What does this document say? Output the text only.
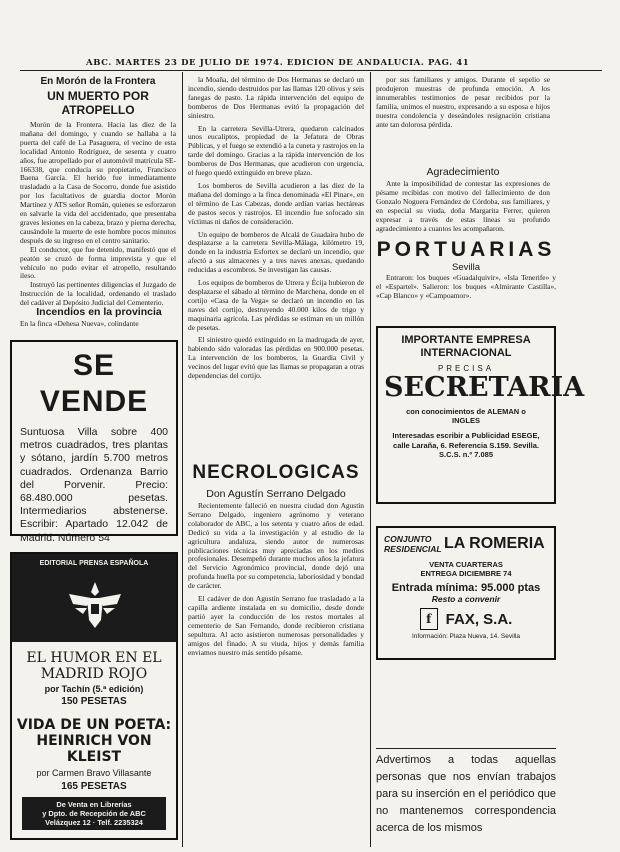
ABC. MARTES 23 DE JULIO DE 1974. EDICION DE ANDALUCIA. PAG. 41
En Morón de la Frontera
UN MUERTO POR ATROPELLO

Morón de la Frontera. Hacia las diez de la mañana del domingo, y cuando se hallaba a la puerta del café de La Pasaguera, el vecino de esta localidad Antonio Rodríguez, de sesenta y cuatro años, fue atropellado por el automóvil matrícula SE-166338, que conducía su propietario, Francisco Baena García. El herido fue inmediatamente trasladado a la Casa de Socorro, donde fue asistido por los facultativos de guardia doctor Morón Martínez y ATS señor Román, quienes se esforzaron en salvarle la vida del accidentado, que presentaba graves lesiones en la cabeza, brazo y pierna derecha, causándole la muerte de este hombre pocos minutos después de su ingreso en el centro sanitario.

El conductor, que fue detenido, manifestó que el peatón se cruzó de forma imprevista y que el vehículo no pudo evitar el atropello, resultando ileso.

Instruyó las pertinentes diligencias el Juzgado de Instrucción de la localidad, ordenando el traslado del cadáver al Depósito Judicial del Cementerio.

Incendios en la provincia
En la finca «Dehesa Nueva», colindante
SE VENDE
Suntuosa Villa sobre 400 metros cuadrados, tres plantas y sótano, jardín 5.700 metros cuadrados. Ordenanza Barrio del Porvenir. Precio: 68.480.000 pesetas. Intermediarios abstenerse. Escribir: Apartado 12.042 de Madrid. Número 54
EDITORIAL PRENSA ESPAÑOLA
EL HUMOR EN EL MADRID ROJO
por Tachín (5.ª edición)
150 PESETAS
VIDA DE UN POETA: HEINRICH VON KLEIST
por Carmen Bravo Villasante
165 PESETAS
De Venta en Librerías
y Dpto. de Recepción de ABC
Velázquez 12 · Telf. 2235324

la Moaña, del término de Dos Hermanas se declaró un incendio, siendo destruidos por las llamas 120 olivos y seis fanegas de pasto. La rápida intervención del equipo de bomberos de Dos Hermanas evitó la propagación del siniestro.

En la carretera Sevilla-Utrera, quedaron calcinados unos eucaliptos, propiedad de la Jefatura de Obras Públicas, y el fuego se extendió a la cuneta y rastrojos en la tarde del domingo. Gracias a la rápida intervención de los bomberos de Dos Hermanas, que acudieron con urgencia, el fuego quedó extinguido en breve plazo.

Los bomberos de Sevilla acudieron a las diez de la mañana del domingo a la finca denominada «El Pinar», en el término de Las Cabezas, donde ardían varias hectáreas de pastos secos y rastrojos. El incendio fue sofocado sin víctimas ni daños de consideración.

Un equipo de bomberos de Alcalá de Guadaíra hubo de desplazarse a la carretera Sevilla-Málaga, kilómetro 19, donde en la industria Esfortex se declaró un incendio, que afectó a sus almacenes y a tres naves anexas, quedando reducidas a escombros. Se investigan las causas.

Los equipos de bomberos de Utrera y Écija hubieron de desplazarse el sábado al término de Marchena, donde en el cortijo «Casa de la Vega» se declaró un incendio en las naves del cortijo, destruyendo 40.000 kilos de trigo y maquinaria agrícola. Las pérdidas se estiman en un millón de pesetas.

El siniestro quedó extinguido en la madrugada de ayer, habiendo sido valoradas las pérdidas en 900.000 pesetas. La intervención de los bomberos, la Guardia Civil y vecinos del lugar evitó que las llamas se propagaran a otras dependencias del cortijo.

NECROLOGICAS
Don Agustín Serrano Delgado

Recientemente falleció en nuestra ciudad don Agustín Serrano Delgado, ingeniero agrónomo y veterano colaborador de ABC, a los setenta y cuatro años de edad. Dedicó su vida a la investigación y al estudio de la agricultura andaluza, siendo autor de numerosas publicaciones técnicas muy apreciadas en los medios profesionales. Desempeñó durante muchos años la jefatura del Servicio Agronómico provincial, donde dejó una profunda huella por su competencia, laboriosidad y bondad de carácter.

El cadáver de don Agustín Serrano fue trasladado a la capilla ardiente instalada en su domicilio, desde donde partió ayer la conducción de los restos mortales al cementerio de San Fernando, donde recibieron cristiana sepultura. Al acto asistieron numerosas personalidades y amigos del finado. A su viuda, hijos y demás familia enviamos nuestro más sentido pésame.

por sus familiares y amigos. Durante el sepelio se produjeron muestras de profunda emoción. A los innumerables testimonios de pesar recibidos por la familia, unimos el nuestro, expresando a su esposa e hijos nuestra condolencia y deseándoles resignación cristiana ante tan dolorosa pérdida.

Agradecimiento

Ante la imposibilidad de contestar las expresiones de pésame recibidas con motivo del fallecimiento de don Gonzalo Noguera Fernández de Córdoba, sus familiares, y en especial su viuda, doña Margarita Ferrer, quieren expresar a través de estas líneas su profundo agradecimiento a cuantos les acompañaron.

PORTUARIAS
Sevilla

Entraron: los buques «Guadalquivir», «Isla Tenerife» y el «Espartel». Salieron: los buques «Almirante Castilla», «Cap Blanco» y «Campoamor».

IMPORTANTE EMPRESA INTERNACIONAL
PRECISA
SECRETARIA
con conocimientos de ALEMAN o INGLES
Interesadas escribir a Publicidad ESEGE, calle Laraña, 6. Referencia S.159. Sevilla. S.C.S. n.º 7.085
CONJUNTO RESIDENCIAL LA ROMERIA
VENTA CUARTERAS
ENTREGA DICIEMBRE 74
Entrada mínima: 95.000 ptas
Resto a convenir
f FAX, S.A.
Información: Plaza Nueva, 14. Sevilla
Advertimos a todas aquellas personas que nos envían trabajos para su inserción en el periódico que no mantenemos correspondencia acerca de los mismos
